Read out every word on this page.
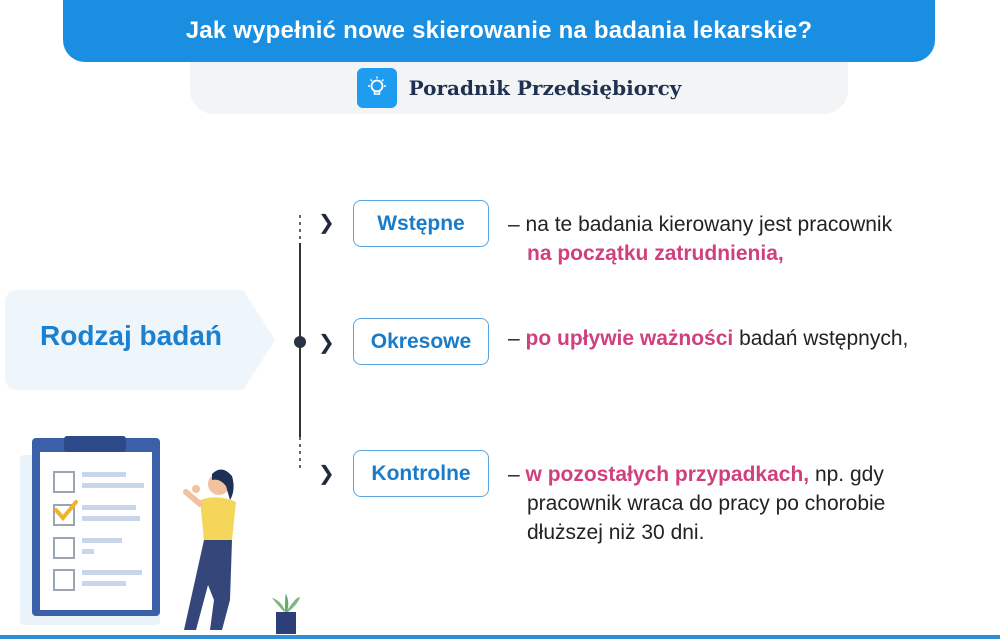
Jak wypełnić nowe skierowanie na badania lekarskie?
Poradnik Przedsiębiorcy
Rodzaj badań
❯
❯
❯
Wstępne – na te badania kierowany jest pracownik
na początku zatrudnienia,
Okresowe – po upływie ważności badań wstępnych,
Kontrolne – w pozostałych przypadkach, np. gdy
pracownik wraca do pracy po chorobie
dłuższej niż 30 dni.
